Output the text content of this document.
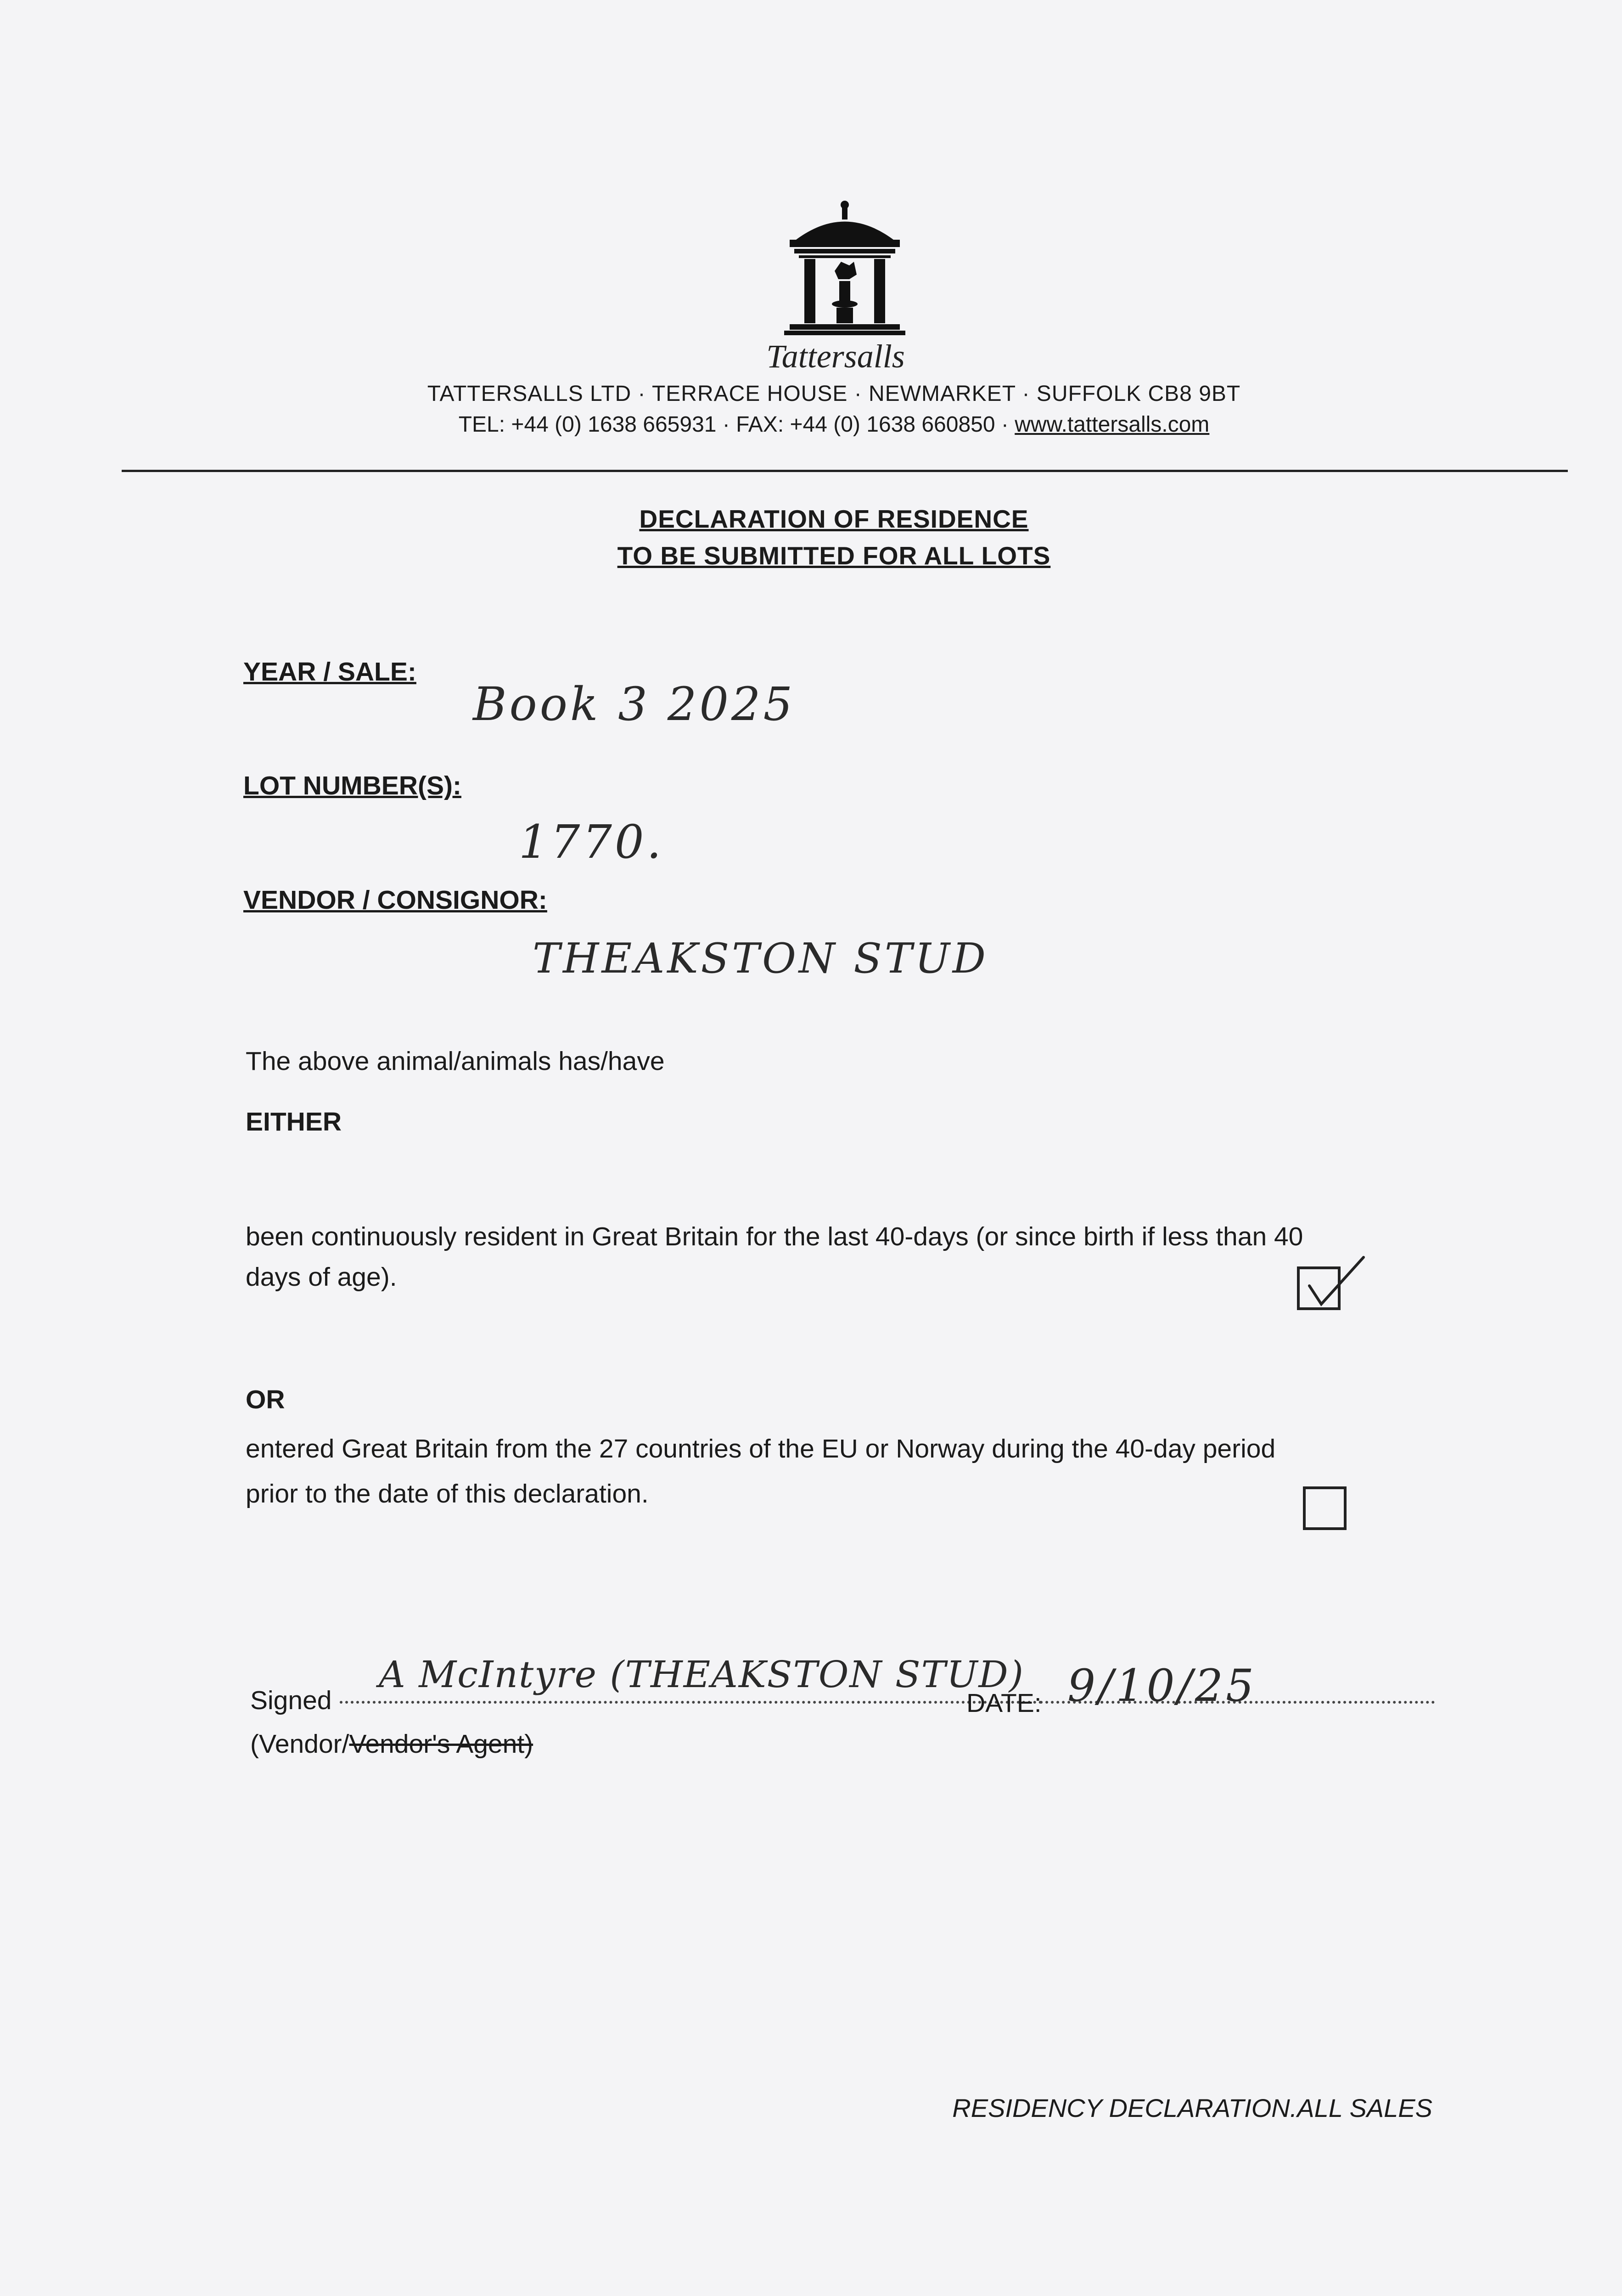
Tattersalls
TATTERSALLS LTD · TERRACE HOUSE · NEWMARKET · SUFFOLK CB8 9BT
TEL: +44 (0) 1638 665931 · FAX: +44 (0) 1638 660850 · www.tattersalls.com
DECLARATION OF RESIDENCE
TO BE SUBMITTED FOR ALL LOTS
YEAR / SALE:
Book 3 2025
LOT NUMBER(S):
1770.
VENDOR / CONSIGNOR:
THEAKSTON STUD
The above animal/animals has/have
EITHER
been continuously resident in Great Britain for the last 40-days (or since birth if less than 40
days of age).
OR
entered Great Britain from the 27 countries of the EU or Norway during the 40-day period
prior to the date of this declaration.
Signed
A McIntyre (THEAKSTON STUD)
DATE: 9/10/25
(Vendor/Vendor's Agent)
RESIDENCY DECLARATION.ALL SALES
